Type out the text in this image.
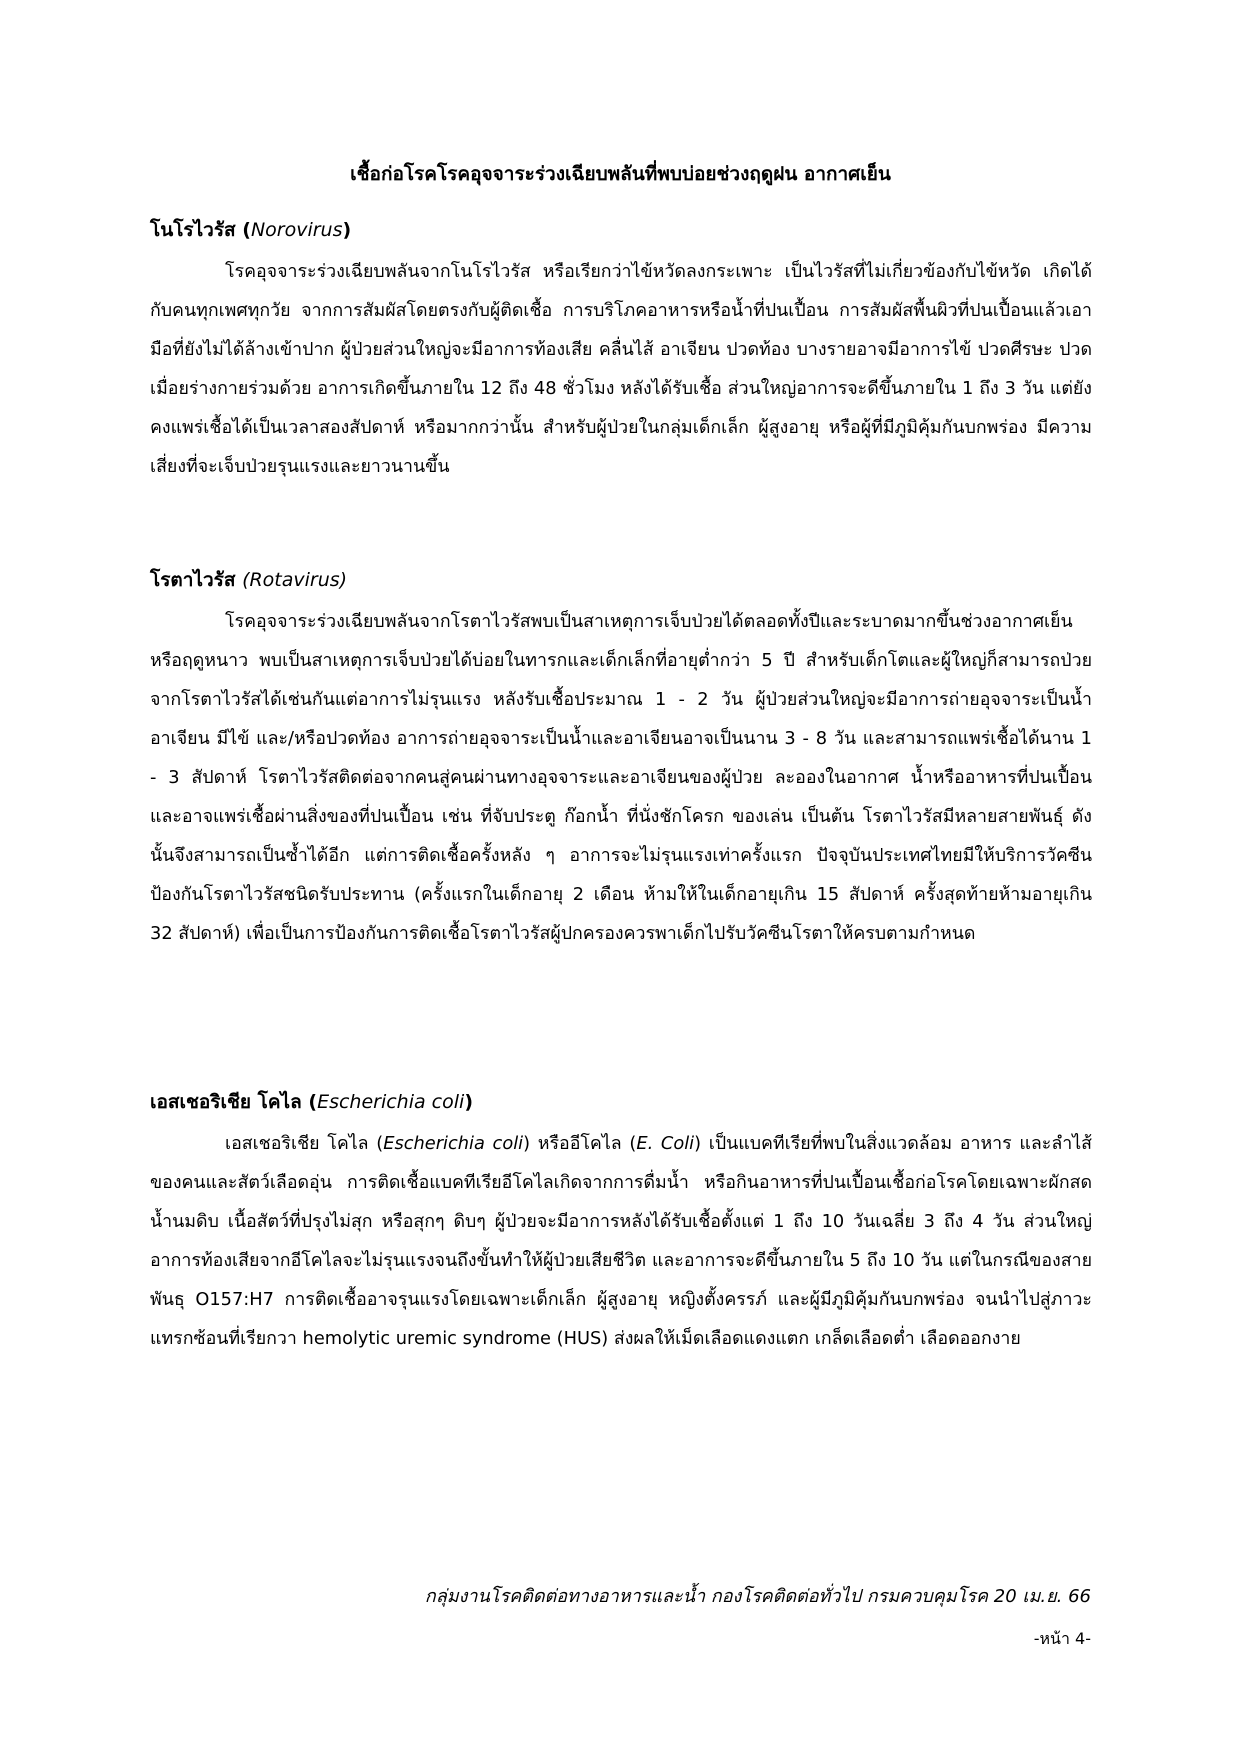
เชื้อก่อโรคโรคอุจจาระร่วงเฉียบพลันที่พบบ่อยช่วงฤดูฝน อากาศเย็น
โนโรไวรัส (Norovirus)

โรคอุจจาระร่วงเฉียบพลันจากโนโรไวรัส หรือเรียกว่าไข้หวัดลงกระเพาะ เป็นไวรัสที่ไม่เกี่ยวข้องกับไข้หวัด เกิดได้กับคนทุกเพศทุกวัย จากการสัมผัสโดยตรงกับผู้ติดเชื้อ การบริโภคอาหารหรือน้ำที่ปนเปื้อน การสัมผัสพื้นผิวที่ปนเปื้อนแล้วเอามือที่ยังไม่ได้ล้างเข้าปาก ผู้ป่วยส่วนใหญ่จะมีอาการท้องเสีย คลื่นไส้ อาเจียน ปวดท้อง บางรายอาจมีอาการไข้ ปวดศีรษะ ปวดเมื่อยร่างกายร่วมด้วย อาการเกิดขึ้นภายใน 12 ถึง 48 ชั่วโมง หลังได้รับเชื้อ ส่วนใหญ่อาการจะดีขึ้นภายใน 1 ถึง 3 วัน แต่ยังคงแพร่เชื้อได้เป็นเวลาสองสัปดาห์ หรือมากกว่านั้น สำหรับผู้ป่วยในกลุ่มเด็กเล็ก ผู้สูงอายุ หรือผู้ที่มีภูมิคุ้มกันบกพร่อง มีความเสี่ยงที่จะเจ็บป่วยรุนแรงและยาวนานขึ้น

โรตาไวรัส (Rotavirus)

โรคอุจจาระร่วงเฉียบพลันจากโรตาไวรัสพบเป็นสาเหตุการเจ็บป่วยได้ตลอดทั้งปีและระบาดมากขึ้นช่วงอากาศเย็น หรือฤดูหนาว พบเป็นสาเหตุการเจ็บป่วยได้บ่อยในทารกและเด็กเล็กที่อายุต่ำกว่า 5 ปี สำหรับเด็กโตและผู้ใหญ่ก็สามารถป่วยจากโรตาไวรัสได้เช่นกันแต่อาการไม่รุนแรง หลังรับเชื้อประมาณ 1 - 2 วัน ผู้ป่วยส่วนใหญ่จะมีอาการถ่ายอุจจาระเป็นน้ำ อาเจียน มีไข้ และ/หรือปวดท้อง อาการถ่ายอุจจาระเป็นน้ำและอาเจียนอาจเป็นนาน 3 - 8 วัน และสามารถแพร่เชื้อได้นาน 1 - 3 สัปดาห์ โรตาไวรัสติดต่อจากคนสู่คนผ่านทางอุจจาระและอาเจียนของผู้ป่วย ละอองในอากาศ น้ำหรืออาหารที่ปนเปื้อน และอาจแพร่เชื้อผ่านสิ่งของที่ปนเปื้อน เช่น ที่จับประตู ก๊อกน้ำ ที่นั่งชักโครก ของเล่น เป็นต้น โรตาไวรัสมีหลายสายพันธุ์ ดังนั้นจึงสามารถเป็นซ้ำได้อีก แต่การติดเชื้อครั้งหลัง ๆ อาการจะไม่รุนแรงเท่าครั้งแรก ปัจจุบันประเทศไทยมีให้บริการวัคซีนป้องกันโรตาไวรัสชนิดรับประทาน (ครั้งแรกในเด็กอายุ 2 เดือน ห้ามให้ในเด็กอายุเกิน 15 สัปดาห์ ครั้งสุดท้ายห้ามอายุเกิน 32 สัปดาห์) เพื่อเป็นการป้องกันการติดเชื้อโรตาไวรัสผู้ปกครองควรพาเด็กไปรับวัคซีนโรตาให้ครบตามกำหนด

เอสเชอริเชีย โคไล (Escherichia coli)

เอสเชอริเชีย โคไล (Escherichia coli) หรืออีโคไล (E. Coli) เป็นแบคทีเรียที่พบในสิ่งแวดล้อม อาหาร และลำไส้ของคนและสัตว์เลือดอุ่น การติดเชื้อแบคทีเรียอีโคไลเกิดจากการดื่มน้ำ หรือกินอาหารที่ปนเปื้อนเชื้อก่อโรคโดยเฉพาะผักสด น้ำนมดิบ เนื้อสัตว์ที่ปรุงไม่สุก หรือสุกๆ ดิบๆ ผู้ป่วยจะมีอาการหลังได้รับเชื้อตั้งแต่ 1 ถึง 10 วันเฉลี่ย 3 ถึง 4 วัน ส่วนใหญ่อาการท้องเสียจากอีโคไลจะไม่รุนแรงจนถึงขั้นทำให้ผู้ป่วยเสียชีวิต และอาการจะดีขึ้นภายใน 5 ถึง 10 วัน แต่ในกรณีของสายพันธุ O157:H7 การติดเชื้ออาจรุนแรงโดยเฉพาะเด็กเล็ก ผู้สูงอายุ หญิงตั้งครรภ์ และผู้มีภูมิคุ้มกันบกพร่อง จนนำไปสู่ภาวะแทรกซ้อนที่เรียกวา hemolytic uremic syndrome (HUS) ส่งผลให้เม็ดเลือดแดงแตก เกล็ดเลือดต่ำ เลือดออกงาย

กลุ่มงานโรคติดต่อทางอาหารและน้ำ กองโรคติดต่อทั่วไป กรมควบคุมโรค 20 เม.ย. 66
-หน้า 4-
